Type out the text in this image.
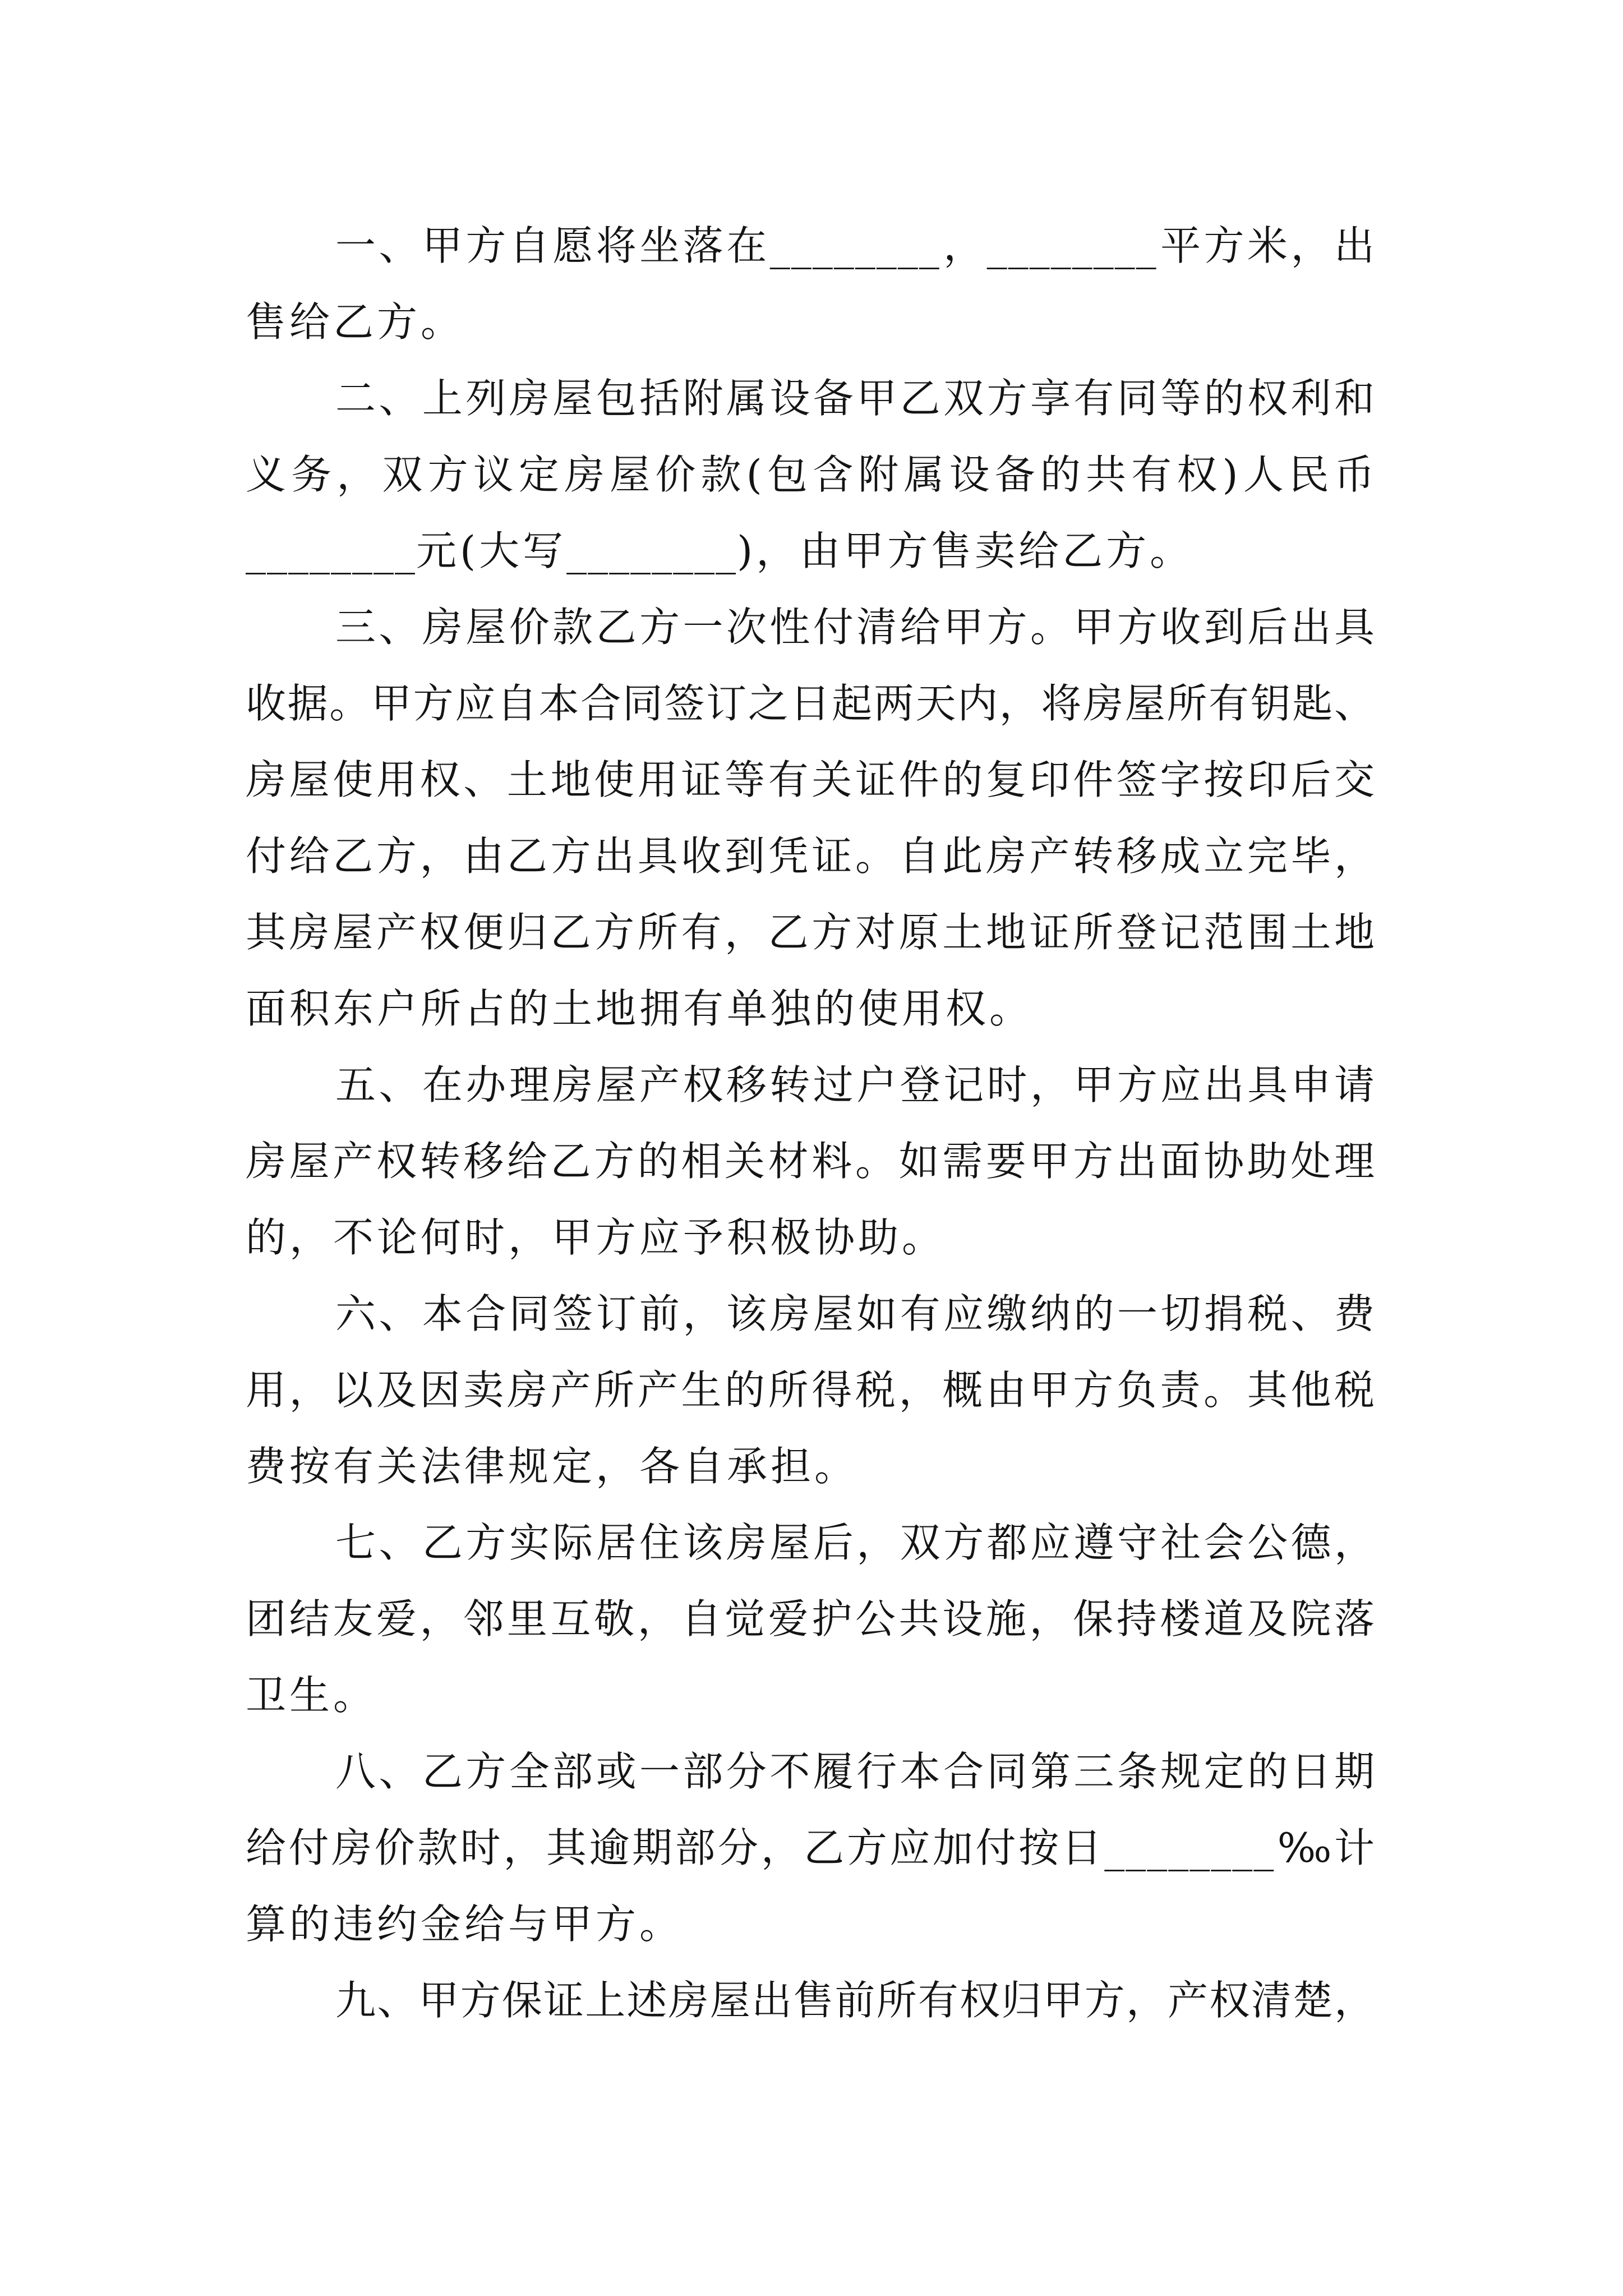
一、甲方自愿将坐落在________，________平方米，出
售给乙方。
二、上列房屋包括附属设备甲乙双方享有同等的权利和
义务，双方议定房屋价款(包含附属设备的共有权)人民币
________元(大写________)，由甲方售卖给乙方。
三、房屋价款乙方一次性付清给甲方。甲方收到后出具
收据。甲方应自本合同签订之日起两天内，将房屋所有钥匙、
房屋使用权、土地使用证等有关证件的复印件签字按印后交
付给乙方，由乙方出具收到凭证。自此房产转移成立完毕，
其房屋产权便归乙方所有，乙方对原土地证所登记范围土地
面积东户所占的土地拥有单独的使用权。
五、在办理房屋产权移转过户登记时，甲方应出具申请
房屋产权转移给乙方的相关材料。如需要甲方出面协助处理
的，不论何时，甲方应予积极协助。
六、本合同签订前，该房屋如有应缴纳的一切捐税、费
用，以及因卖房产所产生的所得税，概由甲方负责。其他税
费按有关法律规定，各自承担。
七、乙方实际居住该房屋后，双方都应遵守社会公德，
团结友爱，邻里互敬，自觉爱护公共设施，保持楼道及院落
卫生。
八、乙方全部或一部分不履行本合同第三条规定的日期
给付房价款时，其逾期部分，乙方应加付按日________‰计
算的违约金给与甲方。
九、甲方保证上述房屋出售前所有权归甲方，产权清楚，
